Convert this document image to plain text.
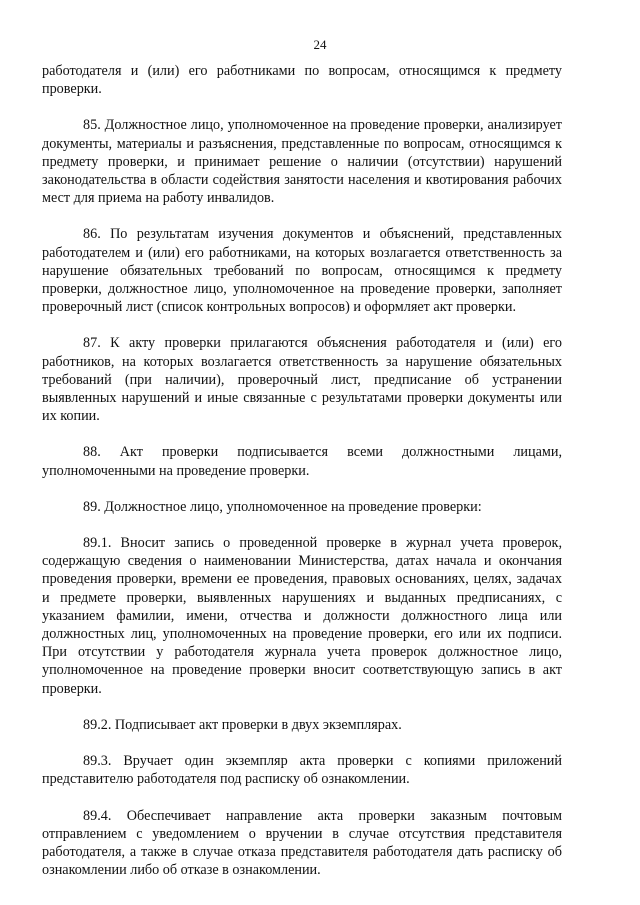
24

работодателя и (или) его работниками по вопросам, относящимся к предмету проверки.

85. Должностное лицо, уполномоченное на проведение проверки, анализирует документы, материалы и разъяснения, представленные по вопросам, относящимся к предмету проверки, и принимает решение о наличии (отсутствии) нарушений законодательства в области содействия занятости населения и квотирования рабочих мест для приема на работу инвалидов.

86. По результатам изучения документов и объяснений, представленных работодателем и (или) его работниками, на которых возлагается ответственность за нарушение обязательных требований по вопросам, относящимся к предмету проверки, должностное лицо, уполномоченное на проведение проверки, заполняет проверочный лист (список контрольных вопросов) и оформляет акт проверки.

87. К акту проверки прилагаются объяснения работодателя и (или) его работников, на которых возлагается ответственность за нарушение обязательных требований (при наличии), проверочный лист, предписание об устранении выявленных нарушений и иные связанные с результатами проверки документы или их копии.

88. Акт проверки подписывается всеми должностными лицами, уполномоченными на проведение проверки.

89. Должностное лицо, уполномоченное на проведение проверки:

89.1. Вносит запись о проведенной проверке в журнал учета проверок, содержащую сведения о наименовании Министерства, датах начала и окончания проведения проверки, времени ее проведения, правовых основаниях, целях, задачах и предмете проверки, выявленных нарушениях и выданных предписаниях, с указанием фамилии, имени, отчества и должности должностного лица или должностных лиц, уполномоченных на проведение проверки, его или их подписи. При отсутствии у работодателя журнала учета проверок должностное лицо, уполномоченное на проведение проверки вносит соответствующую запись в акт проверки.

89.2. Подписывает акт проверки в двух экземплярах.

89.3. Вручает один экземпляр акта проверки с копиями приложений представителю работодателя под расписку об ознакомлении.

89.4. Обеспечивает направление акта проверки заказным почтовым отправлением с уведомлением о вручении в случае отсутствия представителя работодателя, а также в случае отказа представителя работодателя дать расписку об ознакомлении либо об отказе в ознакомлении.
